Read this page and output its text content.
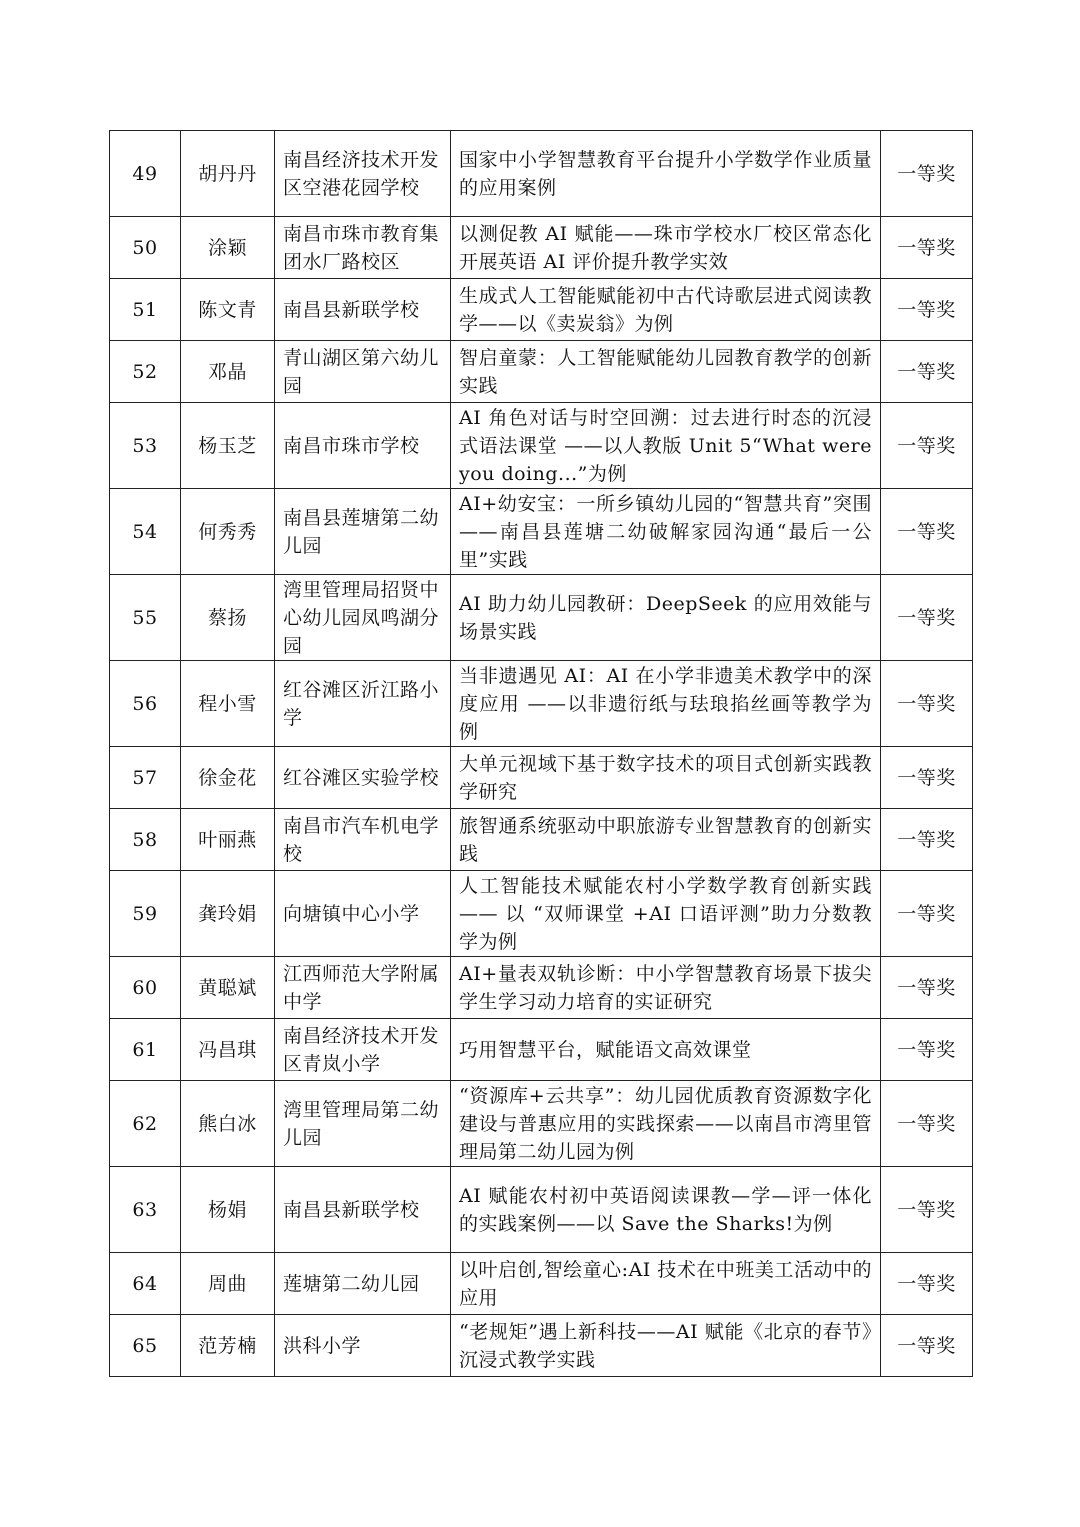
49	胡丹丹	南昌经济技术开发区空港花园学校	国家中小学智慧教育平台提升小学数学作业质量的应用案例	一等奖
50	涂颖	南昌市珠市教育集团水厂路校区	以测促教 AI 赋能——珠市学校水厂校区常态化开展英语 AI 评价提升教学实效	一等奖
51	陈文青	南昌县新联学校	生成式人工智能赋能初中古代诗歌层进式阅读教学——以《卖炭翁》为例	一等奖
52	邓晶	青山湖区第六幼儿园	智启童蒙：人工智能赋能幼儿园教育教学的创新实践	一等奖
53	杨玉芝	南昌市珠市学校	AI 角色对话与时空回溯：过去进行时态的沉浸式语法课堂 ——以人教版 Unit 5“What were you doing...”为例	一等奖
54	何秀秀	南昌县莲塘第二幼儿园	AI+幼安宝：一所乡镇幼儿园的“智慧共育”突围 ——南昌县莲塘二幼破解家园沟通“最后一公里”实践	一等奖
55	蔡扬	湾里管理局招贤中心幼儿园凤鸣湖分园	AI 助力幼儿园教研：DeepSeek 的应用效能与场景实践	一等奖
56	程小雪	红谷滩区沂江路小学	当非遗遇见 AI：AI 在小学非遗美术教学中的深度应用 ——以非遗衍纸与珐琅掐丝画等教学为例	一等奖
57	徐金花	红谷滩区实验学校	大单元视域下基于数字技术的项目式创新实践教学研究	一等奖
58	叶丽燕	南昌市汽车机电学校	旅智通系统驱动中职旅游专业智慧教育的创新实践	一等奖
59	龚玲娟	向塘镇中心小学	人工智能技术赋能农村小学数学教育创新实践 —— 以 “双师课堂 +AI 口语评测”助力分数教学为例	一等奖
60	黄聪斌	江西师范大学附属中学	AI+量表双轨诊断：中小学智慧教育场景下拔尖学生学习动力培育的实证研究	一等奖
61	冯昌琪	南昌经济技术开发区青岚小学	巧用智慧平台，赋能语文高效课堂	一等奖
62	熊白冰	湾里管理局第二幼儿园	“资源库+云共享”：幼儿园优质教育资源数字化建设与普惠应用的实践探索——以南昌市湾里管理局第二幼儿园为例	一等奖
63	杨娟	南昌县新联学校	AI 赋能农村初中英语阅读课教—学—评一体化的实践案例——以 Save the Sharks!为例	一等奖
64	周曲	莲塘第二幼儿园	以叶启创,智绘童心:AI 技术在中班美工活动中的应用	一等奖
65	范芳楠	洪科小学	“老规矩”遇上新科技——AI 赋能《北京的春节》沉浸式教学实践	一等奖
